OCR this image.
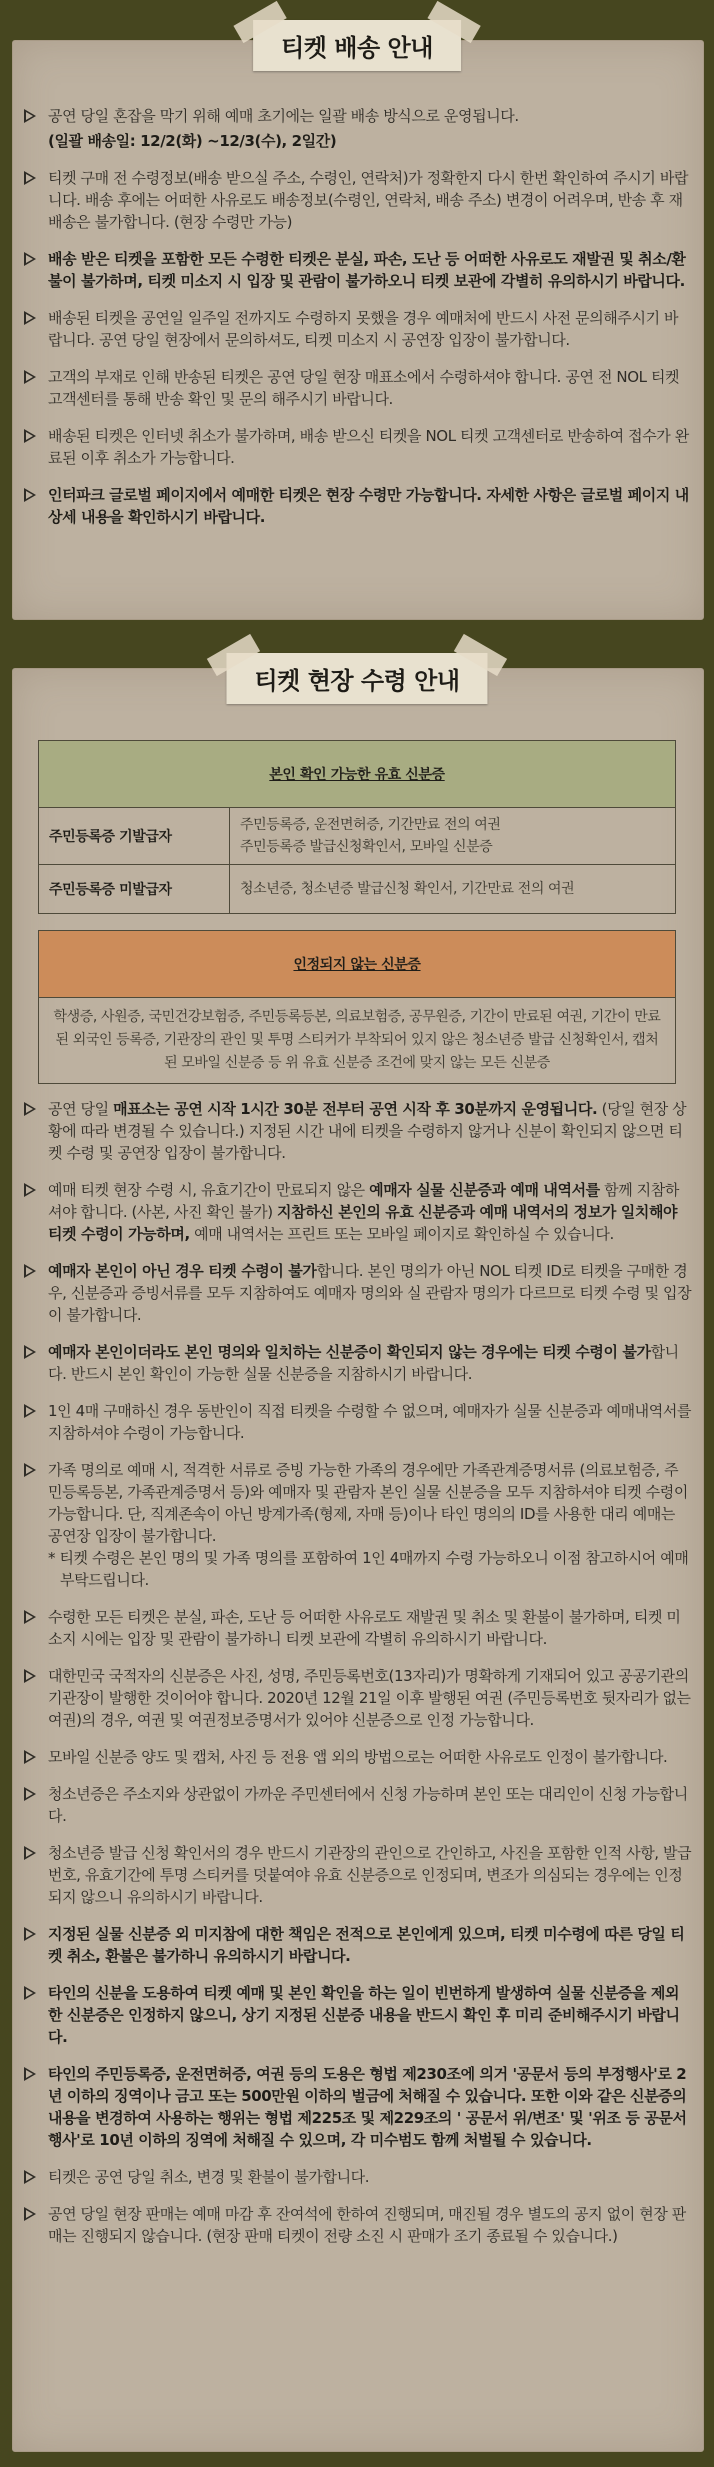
티켓 배송 안내
공연 당일 혼잡을 막기 위해 예매 초기에는 일괄 배송 방식으로 운영됩니다.
(일괄 배송일: 12/2(화) ~12/3(수), 2일간)
티켓 구매 전 수령정보(배송 받으실 주소, 수령인, 연락처)가 정확한지 다시 한번 확인하여 주시기 바랍니다. 배송 후에는 어떠한 사유로도 배송정보(수령인, 연락처, 배송 주소) 변경이 어려우며, 반송 후 재배송은 불가합니다. (현장 수령만 가능)
배송 받은 티켓을 포함한 모든 수령한 티켓은 분실, 파손, 도난 등 어떠한 사유로도 재발권 및 취소/환불이 불가하며, 티켓 미소지 시 입장 및 관람이 불가하오니 티켓 보관에 각별히 유의하시기 바랍니다.
배송된 티켓을 공연일 일주일 전까지도 수령하지 못했을 경우 예매처에 반드시 사전 문의해주시기 바랍니다. 공연 당일 현장에서 문의하셔도, 티켓 미소지 시 공연장 입장이 불가합니다.
고객의 부재로 인해 반송된 티켓은 공연 당일 현장 매표소에서 수령하셔야 합니다. 공연 전 NOL 티켓 고객센터를 통해 반송 확인 및 문의 해주시기 바랍니다.
배송된 티켓은 인터넷 취소가 불가하며, 배송 받으신 티켓을 NOL 티켓 고객센터로 반송하여 접수가 완료된 이후 취소가 가능합니다.
인터파크 글로벌 페이지에서 예매한 티켓은 현장 수령만 가능합니다. 자세한 사항은 글로벌 페이지 내 상세 내용을 확인하시기 바랍니다.
티켓 현장 수령 안내
본인 확인 가능한 유효 신분증	
주민등록증 기발급자	주민등록증, 운전면허증, 기간만료 전의 여권
주민등록증 발급신청확인서, 모바일 신분증

주민등록증 미발급자	청소년증, 청소년증 발급신청 확인서, 기간만료 전의 여권
인정되지 않는 신분증
학생증, 사원증, 국민건강보험증, 주민등록등본, 의료보험증, 공무원증, 기간이 만료된 여권, 기간이 만료된 외국인 등록증, 기관장의 관인 및 투명 스티커가 부착되어 있지 않은 청소년증 발급 신청확인서, 캡처된 모바일 신분증 등 위 유효 신분증 조건에 맞지 않는 모든 신분증
공연 당일 매표소는 공연 시작 1시간 30분 전부터 공연 시작 후 30분까지 운영됩니다. (당일 현장 상황에 따라 변경될 수 있습니다.) 지정된 시간 내에 티켓을 수령하지 않거나 신분이 확인되지 않으면 티켓 수령 및 공연장 입장이 불가합니다.
예매 티켓 현장 수령 시, 유효기간이 만료되지 않은 예매자 실물 신분증과 예매 내역서를 함께 지참하셔야 합니다. (사본, 사진 확인 불가) 지참하신 본인의 유효 신분증과 예매 내역서의 정보가 일치해야 티켓 수령이 가능하며, 예매 내역서는 프린트 또는 모바일 페이지로 확인하실 수 있습니다.
예매자 본인이 아닌 경우 티켓 수령이 불가합니다. 본인 명의가 아닌 NOL 티켓 ID로 티켓을 구매한 경우, 신분증과 증빙서류를 모두 지참하여도 예매자 명의와 실 관람자 명의가 다르므로 티켓 수령 및 입장이 불가합니다.
예매자 본인이더라도 본인 명의와 일치하는 신분증이 확인되지 않는 경우에는 티켓 수령이 불가합니다. 반드시 본인 확인이 가능한 실물 신분증을 지참하시기 바랍니다.
1인 4매 구매하신 경우 동반인이 직접 티켓을 수령할 수 없으며, 예매자가 실물 신분증과 예매내역서를 지참하셔야 수령이 가능합니다.
가족 명의로 예매 시, 적격한 서류로 증빙 가능한 가족의 경우에만 가족관계증명서류 (의료보험증, 주민등록등본, 가족관계증명서 등)와 예매자 및 관람자 본인 실물 신분증을 모두 지참하셔야 티켓 수령이 가능합니다. 단, 직계존속이 아닌 방계가족(형제, 자매 등)이나 타인 명의의 ID를 사용한 대리 예매는 공연장 입장이 불가합니다.
* 티켓 수령은 본인 명의 및 가족 명의를 포함하여 1인 4매까지 수령 가능하오니 이점 참고하시어 예매 부탁드립니다.
수령한 모든 티켓은 분실, 파손, 도난 등 어떠한 사유로도 재발권 및 취소 및 환불이 불가하며, 티켓 미소지 시에는 입장 및 관람이 불가하니 티켓 보관에 각별히 유의하시기 바랍니다.
대한민국 국적자의 신분증은 사진, 성명, 주민등록번호(13자리)가 명확하게 기재되어 있고 공공기관의 기관장이 발행한 것이어야 합니다. 2020년 12월 21일 이후 발행된 여권 (주민등록번호 뒷자리가 없는 여권)의 경우, 여권 및 여권정보증명서가 있어야 신분증으로 인정 가능합니다.
모바일 신분증 양도 및 캡처, 사진 등 전용 앱 외의 방법으로는 어떠한 사유로도 인정이 불가합니다.
청소년증은 주소지와 상관없이 가까운 주민센터에서 신청 가능하며 본인 또는 대리인이 신청 가능합니다.
청소년증 발급 신청 확인서의 경우 반드시 기관장의 관인으로 간인하고, 사진을 포함한 인적 사항, 발급번호, 유효기간에 투명 스티커를 덧붙여야 유효 신분증으로 인정되며, 변조가 의심되는 경우에는 인정되지 않으니 유의하시기 바랍니다.
지정된 실물 신분증 외 미지참에 대한 책임은 전적으로 본인에게 있으며, 티켓 미수령에 따른 당일 티켓 취소, 환불은 불가하니 유의하시기 바랍니다.
타인의 신분을 도용하여 티켓 예매 및 본인 확인을 하는 일이 빈번하게 발생하여 실물 신분증을 제외한 신분증은 인정하지 않으니, 상기 지정된 신분증 내용을 반드시 확인 후 미리 준비해주시기 바랍니다.
타인의 주민등록증, 운전면허증, 여권 등의 도용은 형법 제230조에 의거 '공문서 등의 부정행사'로 2년 이하의 징역이나 금고 또는 500만원 이하의 벌금에 처해질 수 있습니다. 또한 이와 같은 신분증의 내용을 변경하여 사용하는 행위는 형법 제225조 및 제229조의 ' 공문서 위/변조' 및 '위조 등 공문서 행사'로 10년 이하의 징역에 처해질 수 있으며, 각 미수범도 함께 처벌될 수 있습니다.
티켓은 공연 당일 취소, 변경 및 환불이 불가합니다.
공연 당일 현장 판매는 예매 마감 후 잔여석에 한하여 진행되며, 매진될 경우 별도의 공지 없이 현장 판매는 진행되지 않습니다. (현장 판매 티켓이 전량 소진 시 판매가 조기 종료될 수 있습니다.)
